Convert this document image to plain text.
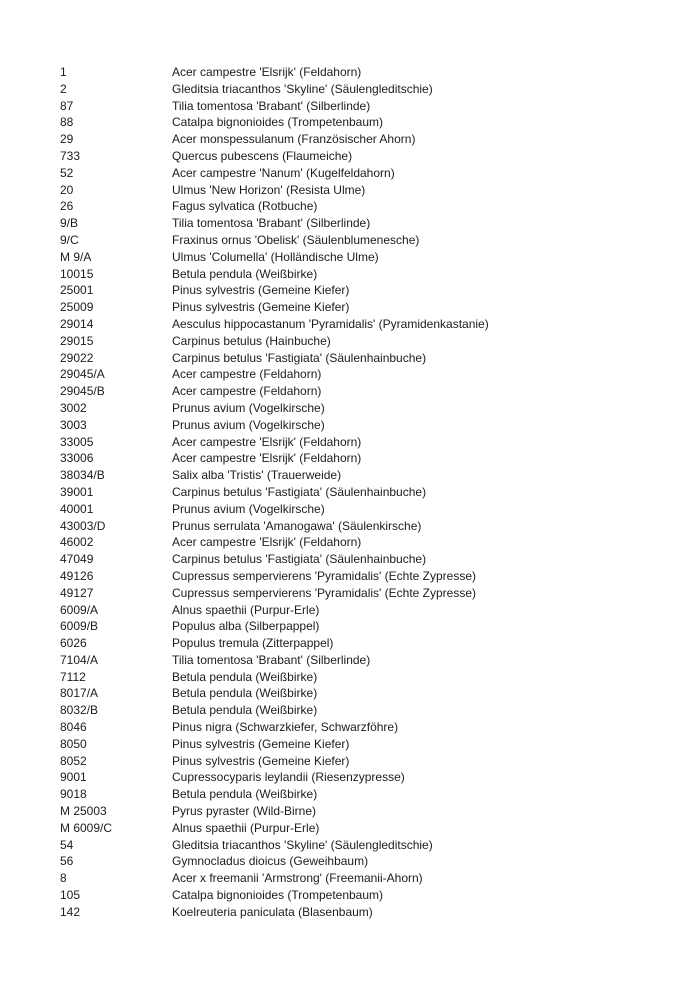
1	Acer campestre 'Elsrijk' (Feldahorn)
2	Gleditsia triacanthos 'Skyline' (Säulengleditschie)
87	Tilia tomentosa 'Brabant' (Silberlinde)
88	Catalpa bignonioides (Trompetenbaum)
29	Acer monspessulanum (Französischer Ahorn)
733	Quercus pubescens (Flaumeiche)
52	Acer campestre 'Nanum' (Kugelfeldahorn)
20	Ulmus 'New Horizon' (Resista Ulme)
26	Fagus sylvatica (Rotbuche)
9/B	Tilia tomentosa 'Brabant' (Silberlinde)
9/C	Fraxinus ornus 'Obelisk' (Säulenblumenesche)
M 9/A	Ulmus 'Columella' (Holländische Ulme)
10015	Betula pendula (Weißbirke)
25001	Pinus sylvestris (Gemeine Kiefer)
25009	Pinus sylvestris (Gemeine Kiefer)
29014	Aesculus hippocastanum 'Pyramidalis' (Pyramidenkastanie)
29015	Carpinus betulus (Hainbuche)
29022	Carpinus betulus 'Fastigiata' (Säulenhainbuche)
29045/A	Acer campestre (Feldahorn)
29045/B	Acer campestre (Feldahorn)
3002	Prunus avium (Vogelkirsche)
3003	Prunus avium (Vogelkirsche)
33005	Acer campestre 'Elsrijk' (Feldahorn)
33006	Acer campestre 'Elsrijk' (Feldahorn)
38034/B	Salix alba 'Tristis' (Trauerweide)
39001	Carpinus betulus 'Fastigiata' (Säulenhainbuche)
40001	Prunus avium (Vogelkirsche)
43003/D	Prunus serrulata 'Amanogawa' (Säulenkirsche)
46002	Acer campestre 'Elsrijk' (Feldahorn)
47049	Carpinus betulus 'Fastigiata' (Säulenhainbuche)
49126	Cupressus sempervierens 'Pyramidalis' (Echte Zypresse)
49127	Cupressus sempervierens 'Pyramidalis' (Echte Zypresse)
6009/A	Alnus spaethii (Purpur-Erle)
6009/B	Populus alba (Silberpappel)
6026	Populus tremula (Zitterpappel)
7104/A	Tilia tomentosa 'Brabant' (Silberlinde)
7112	Betula pendula (Weißbirke)
8017/A	Betula pendula (Weißbirke)
8032/B	Betula pendula (Weißbirke)
8046	Pinus nigra (Schwarzkiefer, Schwarzföhre)
8050	Pinus sylvestris (Gemeine Kiefer)
8052	Pinus sylvestris (Gemeine Kiefer)
9001	Cupressocyparis leylandii (Riesenzypresse)
9018	Betula pendula (Weißbirke)
M 25003	Pyrus pyraster (Wild-Birne)
M 6009/C	Alnus spaethii (Purpur-Erle)
54	Gleditsia triacanthos 'Skyline' (Säulengleditschie)
56	Gymnocladus dioicus (Geweihbaum)
8	Acer x freemanii 'Armstrong' (Freemanii-Ahorn)
105	Catalpa bignonioides (Trompetenbaum)
142	Koelreuteria paniculata (Blasenbaum)
